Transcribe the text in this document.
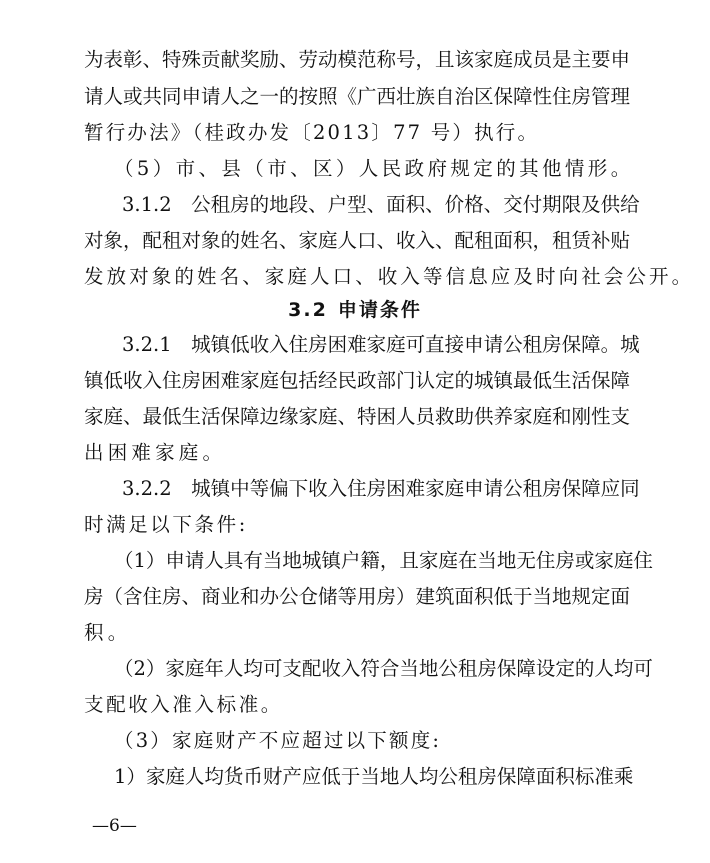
为表彰、特殊贡献奖励、劳动模范称号，且该家庭成员是主要申
请人或共同申请人之一的按照《广西壮族自治区保障性住房管理
暂行办法》（桂政办发〔2013〕77 号）执行。
（5）市、县（市、区）人民政府规定的其他情形。
3.1.2　公租房的地段、户型、面积、价格、交付期限及供给
对象，配租对象的姓名、家庭人口、收入、配租面积，租赁补贴
发放对象的姓名、家庭人口、收入等信息应及时向社会公开。
3.2 申请条件
3.2.1　城镇低收入住房困难家庭可直接申请公租房保障。城
镇低收入住房困难家庭包括经民政部门认定的城镇最低生活保障
家庭、最低生活保障边缘家庭、特困人员救助供养家庭和刚性支
出困难家庭。
3.2.2　城镇中等偏下收入住房困难家庭申请公租房保障应同
时满足以下条件:
（1）申请人具有当地城镇户籍，且家庭在当地无住房或家庭住
房（含住房、商业和办公仓储等用房）建筑面积低于当地规定面
积。
（2）家庭年人均可支配收入符合当地公租房保障设定的人均可
支配收入准入标准。
（3）家庭财产不应超过以下额度:
1）家庭人均货币财产应低于当地人均公租房保障面积标准乘
—6—
